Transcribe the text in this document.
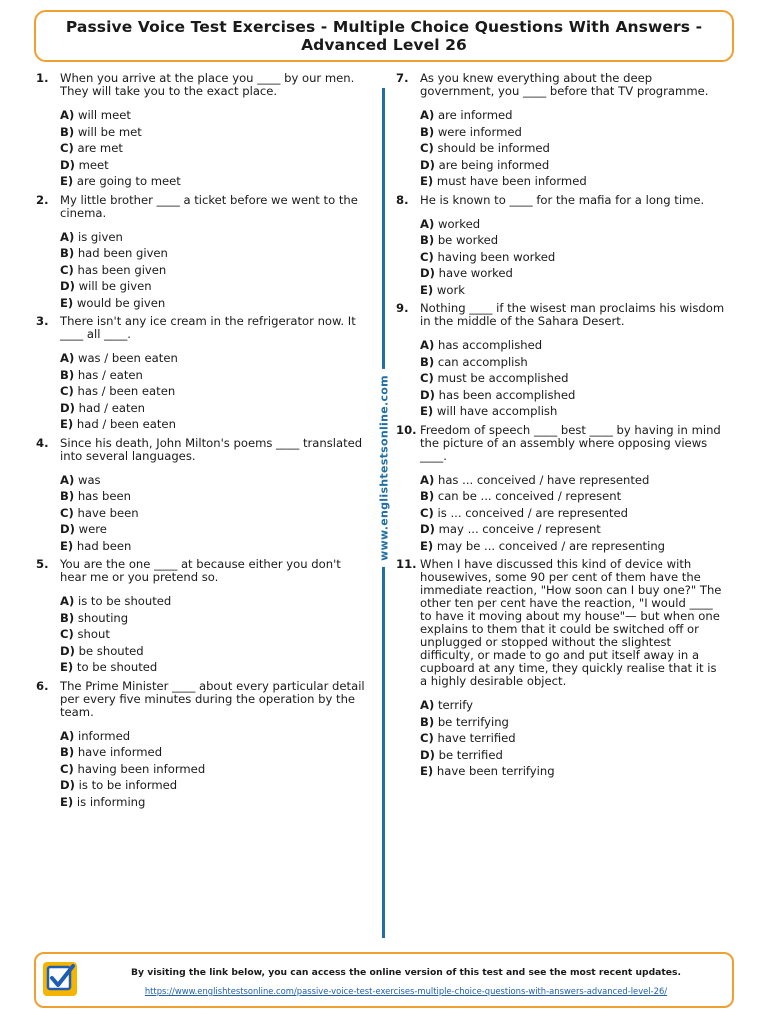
Passive Voice Test Exercises - Multiple Choice Questions With Answers - Advanced Level 26
1. When you arrive at the place you ____ by our men. They will take you to the exact place.
A) will meet
B) will be met
C) are met
D) meet
E) are going to meet
2. My little brother ____ a ticket before we went to the cinema.
A) is given
B) had been given
C) has been given
D) will be given
E) would be given
3. There isn't any ice cream in the refrigerator now. It ____ all ____.
A) was / been eaten
B) has / eaten
C) has / been eaten
D) had / eaten
E) had / been eaten
4. Since his death, John Milton's poems ____ translated into several languages.
A) was
B) has been
C) have been
D) were
E) had been
5. You are the one ____ at because either you don't hear me or you pretend so.
A) is to be shouted
B) shouting
C) shout
D) be shouted
E) to be shouted
6. The Prime Minister ____ about every particular detail per every five minutes during the operation by the team.
A) informed
B) have informed
C) having been informed
D) is to be informed
E) is informing
7. As you knew everything about the deep government, you ____ before that TV programme.
A) are informed
B) were informed
C) should be informed
D) are being informed
E) must have been informed
8. He is known to ____ for the mafia for a long time.
A) worked
B) be worked
C) having been worked
D) have worked
E) work
9. Nothing ____ if the wisest man proclaims his wisdom in the middle of the Sahara Desert.
A) has accomplished
B) can accomplish
C) must be accomplished
D) has been accomplished
E) will have accomplish
10. Freedom of speech ____ best ____ by having in mind the picture of an assembly where opposing views ____.
A) has ... conceived / have represented
B) can be ... conceived / represent
C) is ... conceived / are represented
D) may ... conceive / represent
E) may be ... conceived / are representing
11. When I have discussed this kind of device with housewives, some 90 per cent of them have the immediate reaction, "How soon can I buy one?" The other ten per cent have the reaction, "I would ____ to have it moving about my house"— but when one explains to them that it could be switched off or unplugged or stopped without the slightest difficulty, or made to go and put itself away in a cupboard at any time, they quickly realise that it is a highly desirable object.
A) terrify
B) be terrifying
C) have terrified
D) be terrified
E) have been terrifying
www.englishtestsonline.com
By visiting the link below, you can access the online version of this test and see the most recent updates.
https://www.englishtestsonline.com/passive-voice-test-exercises-multiple-choice-questions-with-answers-advanced-level-26/
